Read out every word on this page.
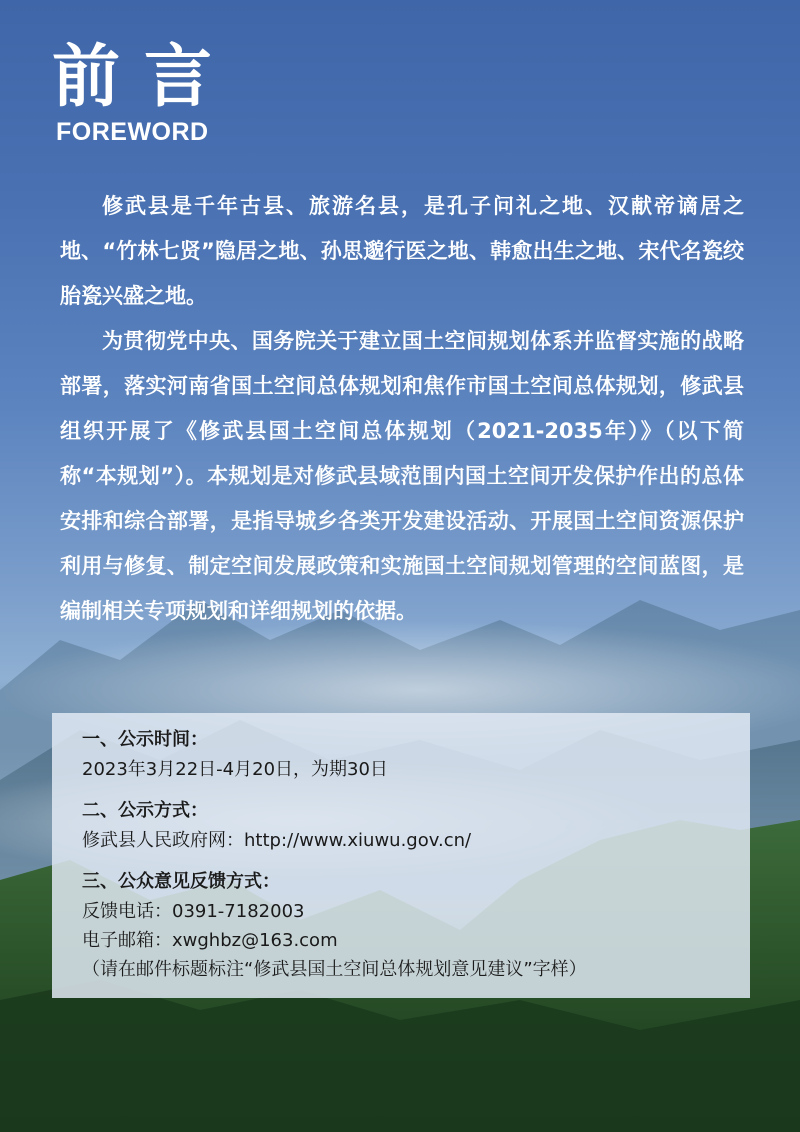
前言
FOREWORD

修武县是千年古县、旅游名县，是孔子问礼之地、汉献帝谪居之地、“竹林七贤”隐居之地、孙思邈行医之地、韩愈出生之地、宋代名瓷绞胎瓷兴盛之地。

为贯彻党中央、国务院关于建立国土空间规划体系并监督实施的战略部署，落实河南省国土空间总体规划和焦作市国土空间总体规划，修武县组织开展了《修武县国土空间总体规划（2021-2035年）》（以下简称“本规划”）。本规划是对修武县域范围内国土空间开发保护作出的总体安排和综合部署，是指导城乡各类开发建设活动、开展国土空间资源保护利用与修复、制定空间发展政策和实施国土空间规划管理的空间蓝图，是编制相关专项规划和详细规划的依据。

一、公示时间：
2023年3月22日-4月20日，为期30日
二、公示方式：
修武县人民政府网：http://www.xiuwu.gov.cn/
三、公众意见反馈方式：
反馈电话：0391-7182003
电子邮箱：xwghbz@163.com
（请在邮件标题标注“修武县国土空间总体规划意见建议”字样）
